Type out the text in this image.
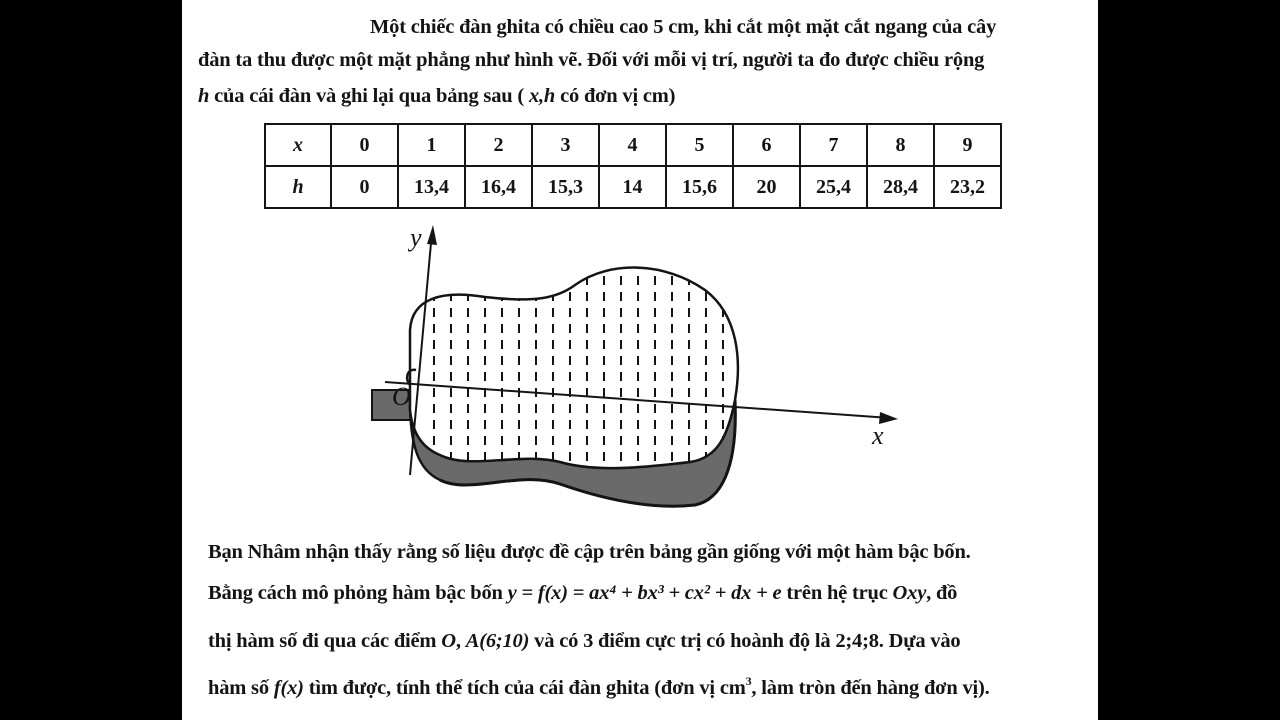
Một chiếc đàn ghita có chiều cao 5 cm, khi cắt một mặt cắt ngang của cây
đàn ta thu được một mặt phẳng như hình vẽ. Đối với mỗi vị trí, người ta đo được chiều rộng
h của cái đàn và ghi lại qua bảng sau ( x,h có đơn vị cm)
x	0	1	2	3	4	5	6	7	8	9
h	0	13,4	16,4	15,3	14	15,6	20	25,4	28,4	23,2
y
x
O
Bạn Nhâm nhận thấy rằng số liệu được đề cập trên bảng gần giống với một hàm bậc bốn.
Bằng cách mô phỏng hàm bậc bốn y = f(x) = ax⁴ + bx³ + cx² + dx + e trên hệ trục Oxy, đồ
thị hàm số đi qua các điểm O, A(6;10) và có 3 điểm cực trị có hoành độ là 2;4;8. Dựa vào
hàm số f(x) tìm được, tính thể tích của cái đàn ghita (đơn vị $cm^3$, làm tròn đến hàng đơn vị).
